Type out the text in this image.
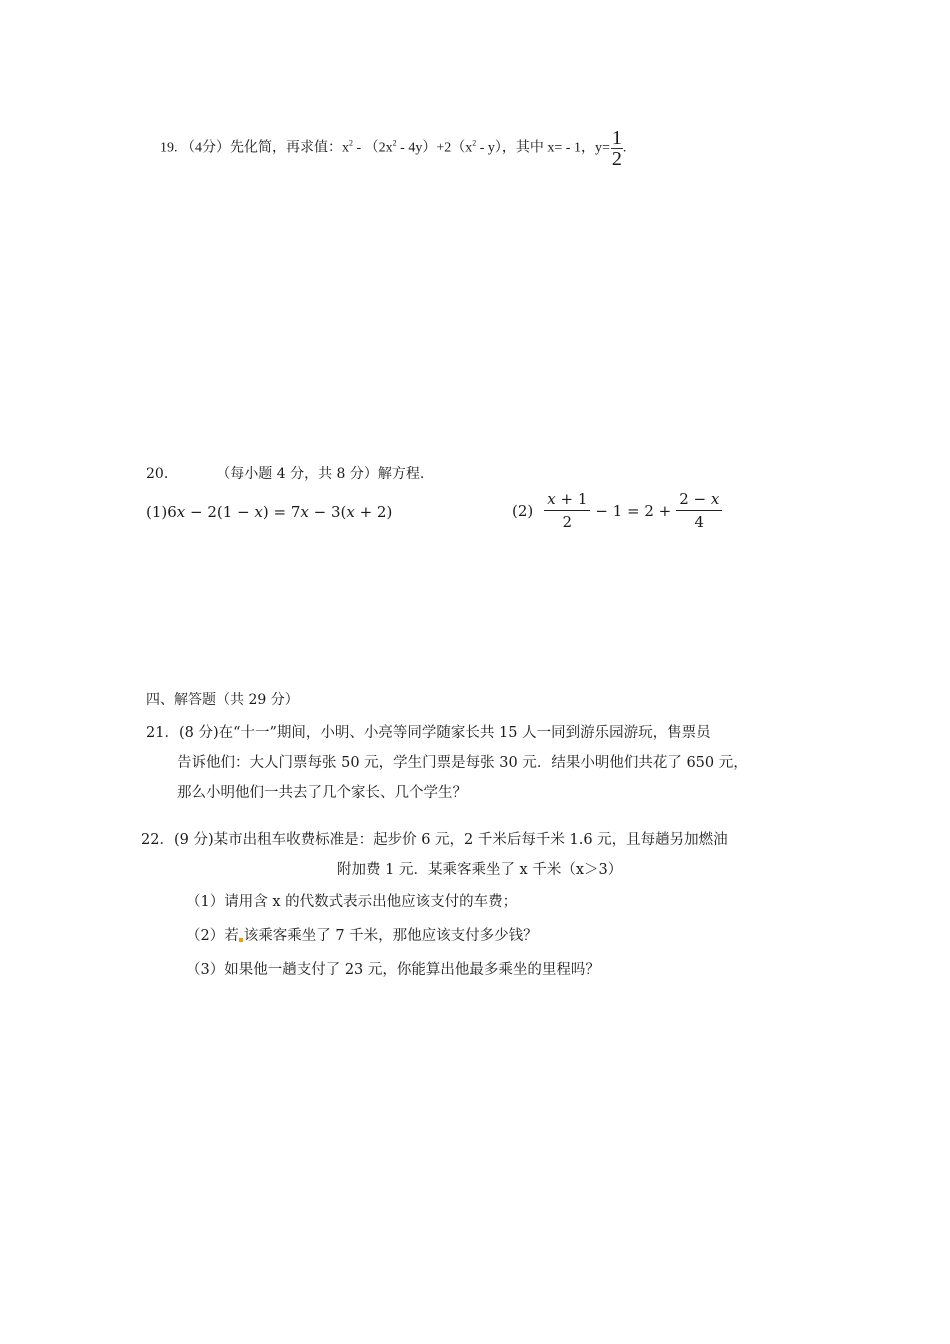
19. （4分）先化简，再求值：$x^2 - (2x^2 - 4y)+2(x^2 - y)$，其中 x= - 1，$y= \frac{1}{2}$ .
20.	（每小题 4 分，共 8 分）解方程.
(1)6x − 2(1 − x) = 7x − 3(x + 2)	$(2) \frac{x + 1}{2} - 1 = 2 + \frac{2 - x}{4}$
四、解答题（共 29 分）
21．(8 分)在“十一”期间，小明、小亮等同学随家长共 15 人一同到游乐园游玩，售票员
告诉他们：大人门票每张 50 元，学生门票是每张 30 元．结果小明他们共花了 650 元，
那么小明他们一共去了几个家长、几个学生？
22．(9 分)某市出租车收费标准是：起步价 6 元，2 千米后每千米 1.6 元，且每趟另加燃油
附加费 1 元．某乘客乘坐了 x 千米（x＞3）
（1）请用含 x 的代数式表示出他应该支付的车费；
（2）若 该乘客乘坐了 7 千米，那他应该支付多少钱？
（3）如果他一趟支付了 23 元，你能算出他最多乘坐的里程吗？
